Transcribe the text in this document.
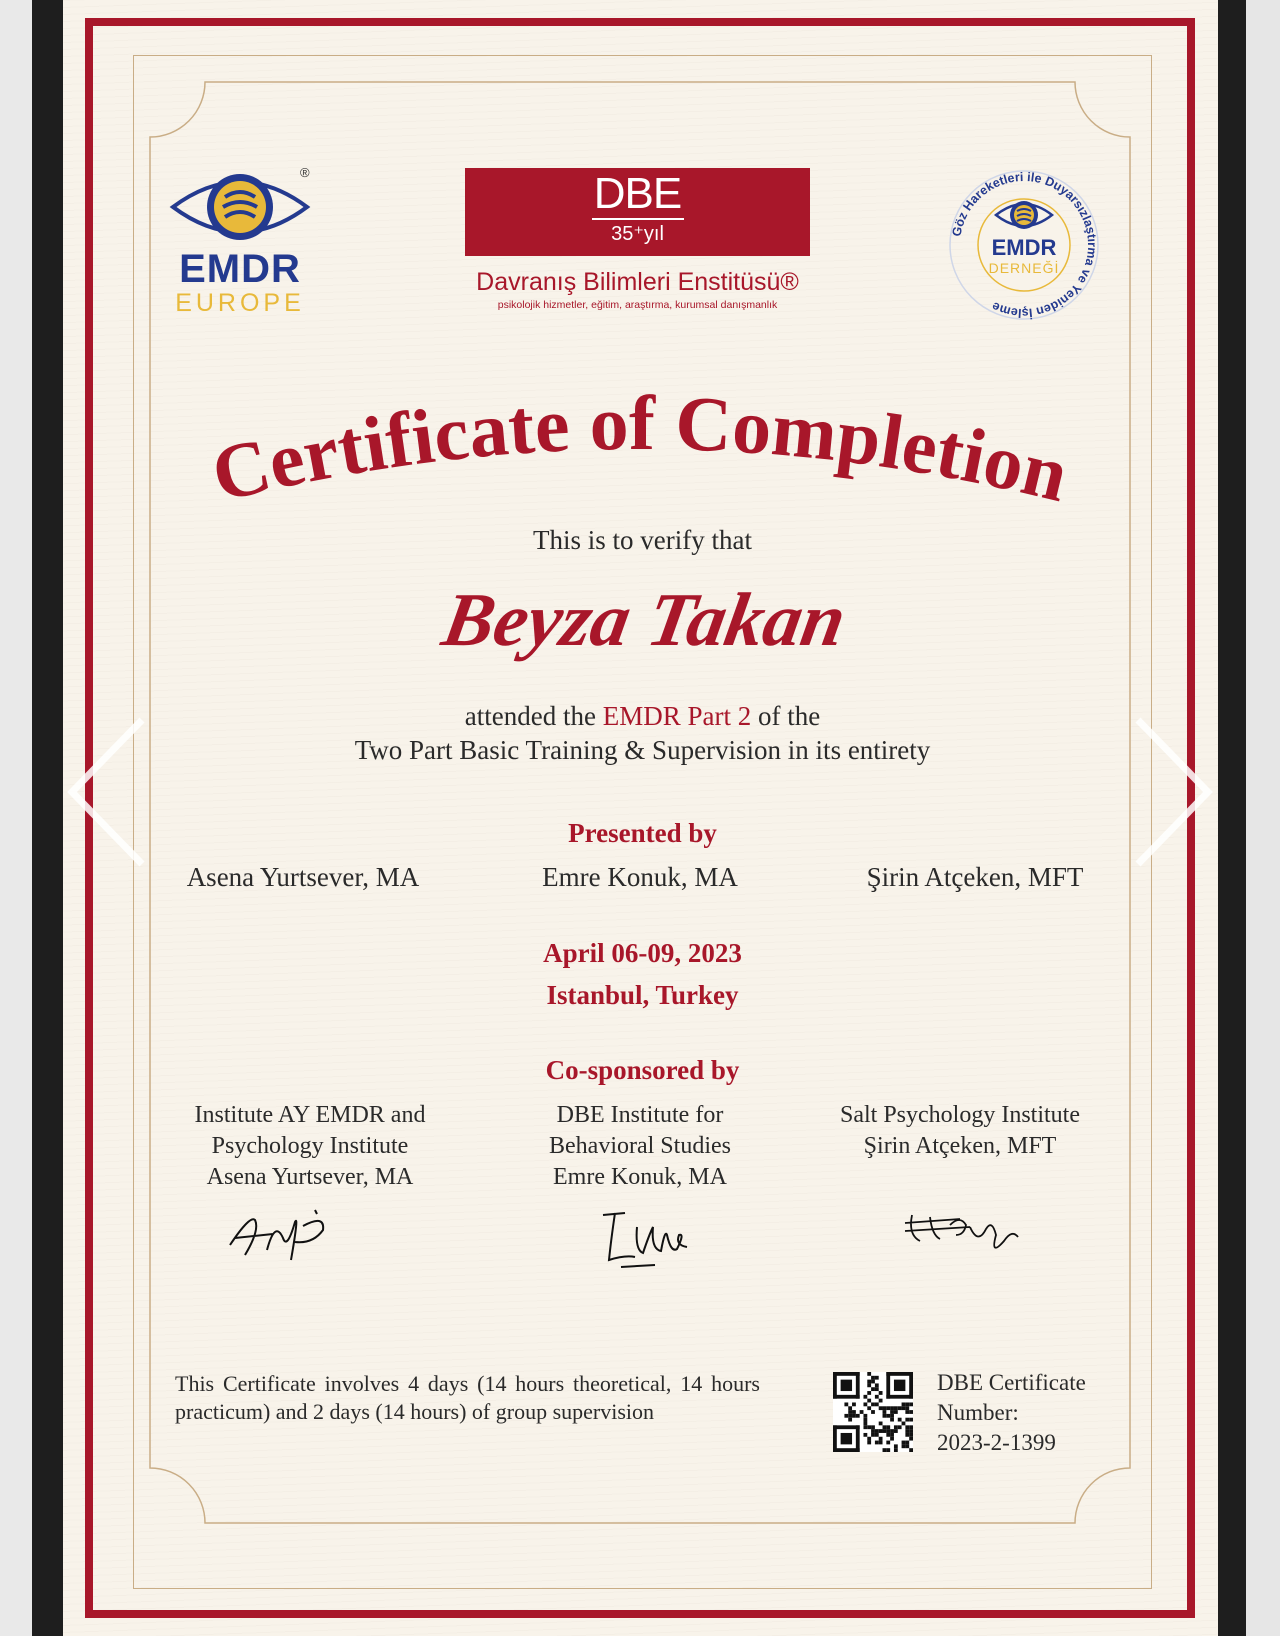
®
EMDR
EUROPE
DBE
35⁺yıl
Davranış Bilimleri Enstitüsü®
psikolojik hizmetler, eğitim, araştırma, kurumsal danışmanlık
Göz Hareketleri ile Duyarsızlaştırma ve Yeniden İşleme
EMDR
DERNEĞİ
Certificate of Completion
This is to verify that
Beyza Takan
attended the EMDR Part 2 of the
Two Part Basic Training & Supervision in its entirety
Presented by
Asena Yurtsever, MA	Emre Konuk, MA	Şirin Atçeken, MFT
April 06-09, 2023
Istanbul, Turkey
Co-sponsored by
Institute AY EMDR and
Psychology Institute
Asena Yurtsever, MA
DBE Institute for
Behavioral Studies
Emre Konuk, MA
Salt Psychology Institute
Şirin Atçeken, MFT
This Certificate involves 4 days (14 hours theoretical, 14 hours practicum) and 2 days (14 hours) of group supervision
DBE Certificate
Number:
2023-2-1399
